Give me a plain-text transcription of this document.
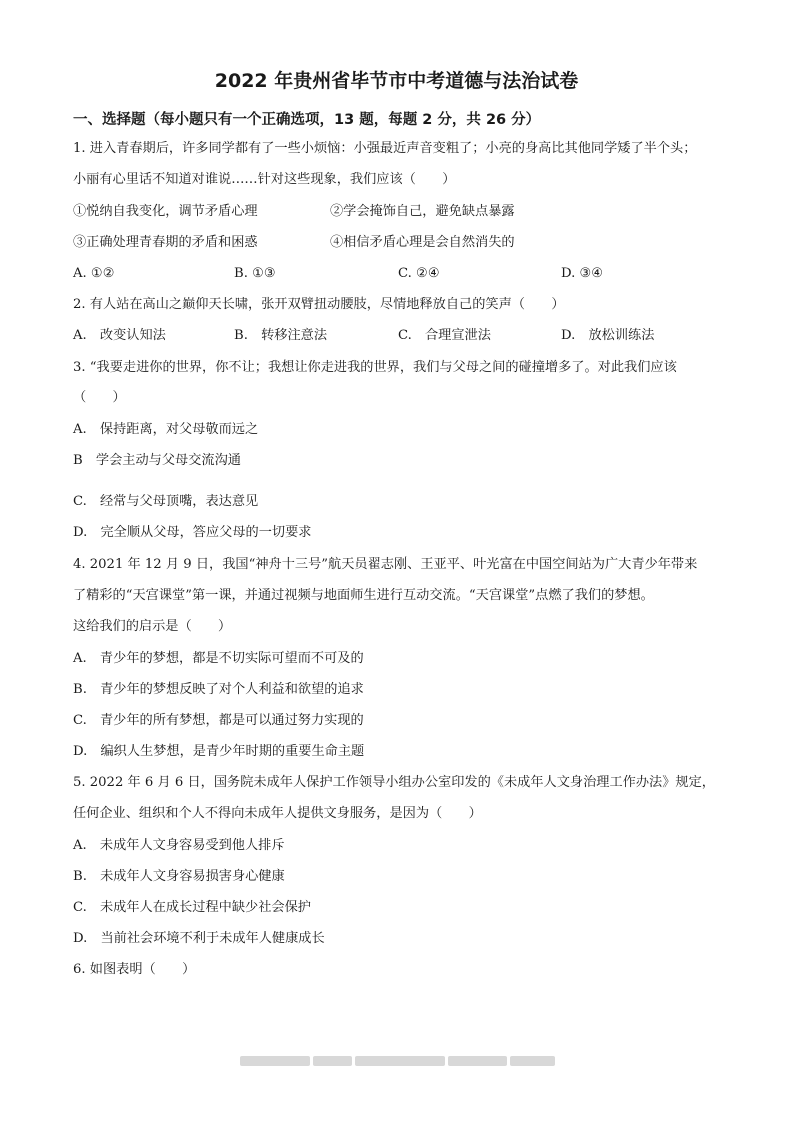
2022 年贵州省毕节市中考道德与法治试卷
一、选择题（每小题只有一个正确选项，13 题，每题 2 分，共 26 分）
1. 进入青春期后，许多同学都有了一些小烦恼：小强最近声音变粗了；小亮的身高比其他同学矮了半个头；
小丽有心里话不知道对谁说……针对这些现象，我们应该（　　）
①悦纳自我变化，调节矛盾心理	②学会掩饰自己，避免缺点暴露
③正确处理青春期的矛盾和困惑	④相信矛盾心理是会自然消失的
A. ①②	B. ①③	C. ②④	D. ③④
2. 有人站在高山之巅仰天长啸，张开双臂扭动腰肢，尽情地释放自己的笑声（　　）
A.　改变认知法	B.　转移注意法	C.　合理宣泄法	D.　放松训练法
3. “我要走进你的世界，你不让；我想让你走进我的世界，我们与父母之间的碰撞增多了。对此我们应该
（　　）
A.　保持距离，对父母敬而远之
B　学会主动与父母交流沟通
C.　经常与父母顶嘴，表达意见
D.　完全顺从父母，答应父母的一切要求
4. 2021 年 12 月 9 日，我国“神舟十三号”航天员翟志刚、王亚平、叶光富在中国空间站为广大青少年带来
了精彩的“天宫课堂”第一课，并通过视频与地面师生进行互动交流。“天宫课堂”点燃了我们的梦想。
这给我们的启示是（　　）
A.　青少年的梦想，都是不切实际可望而不可及的
B.　青少年的梦想反映了对个人利益和欲望的追求
C.　青少年的所有梦想，都是可以通过努力实现的
D.　编织人生梦想，是青少年时期的重要生命主题
5. 2022 年 6 月 6 日，国务院未成年人保护工作领导小组办公室印发的《未成年人文身治理工作办法》规定，
任何企业、组织和个人不得向未成年人提供文身服务，是因为（　　）
A.　未成年人文身容易受到他人排斥
B.　未成年人文身容易损害身心健康
C.　未成年人在成长过程中缺少社会保护
D.　当前社会环境不利于未成年人健康成长
6. 如图表明（　　）
